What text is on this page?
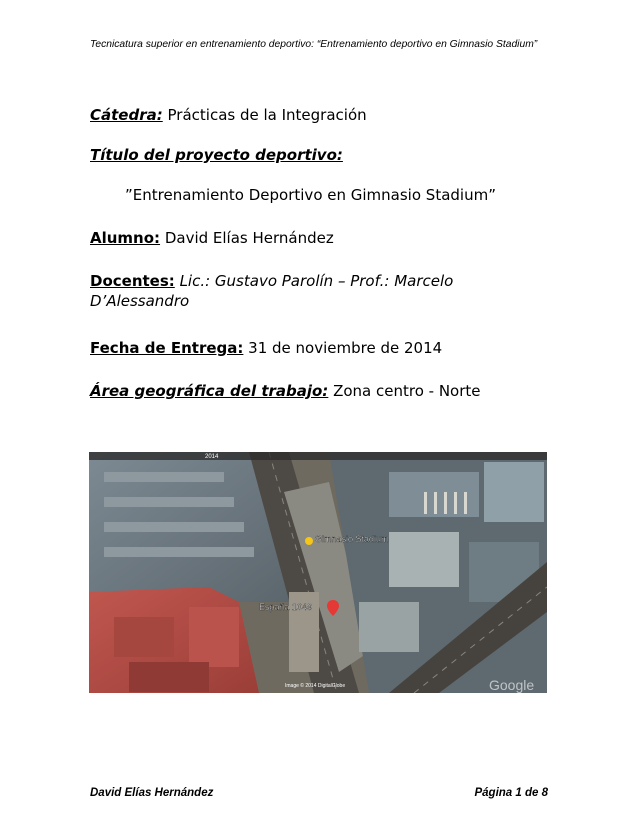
Tecnicatura superior en entrenamiento deportivo: “Entrenamiento deportivo en Gimnasio Stadium”
Cátedra: Prácticas de la Integración
Título del proyecto deportivo:
”Entrenamiento Deportivo en Gimnasio Stadium”
Alumno: David Elías Hernández
Docentes: Lic.: Gustavo Parolín – Prof.: Marcelo
D’Alessandro
Fecha de Entrega: 31 de noviembre de 2014
Área geográfica del trabajo: Zona centro - Norte
2014
Gimnasio Stadium
España 1049
Image © 2014 DigitalGlobe	Google
David Elías Hernández	Página 1 de 8
